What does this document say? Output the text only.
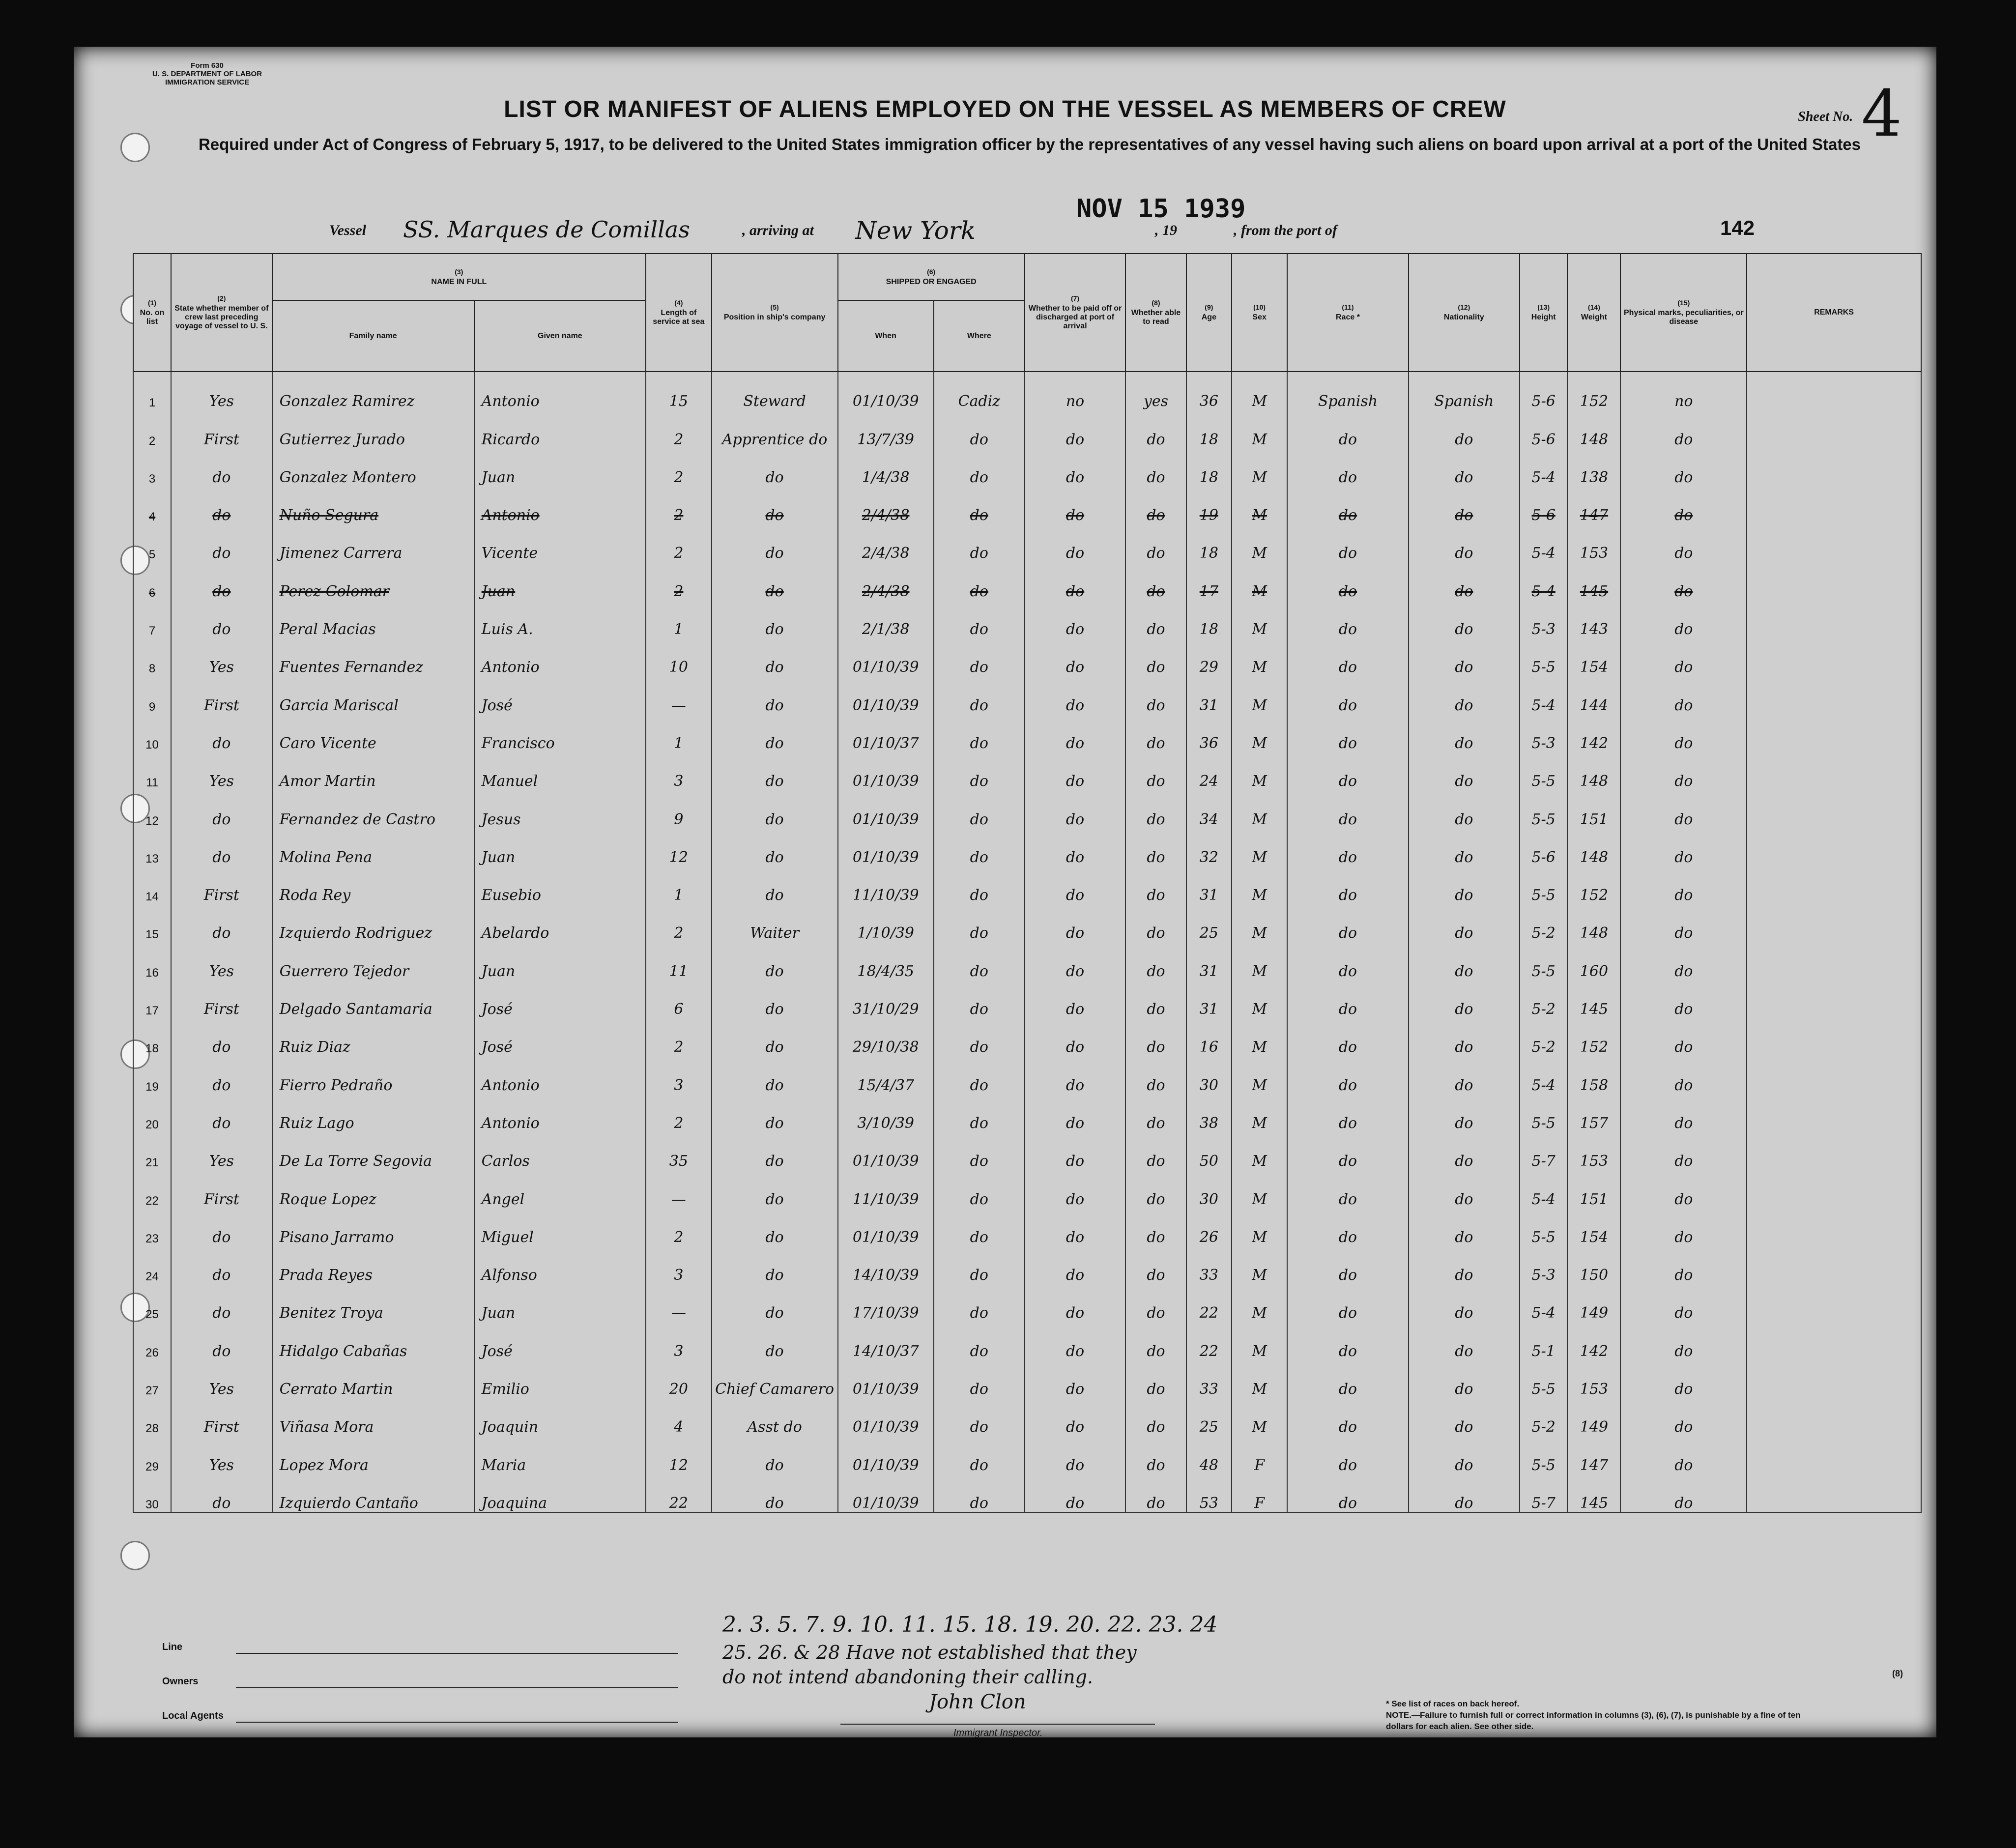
Form 630
U. S. DEPARTMENT OF LABOR
IMMIGRATION SERVICE
Sheet No. 4
LIST OR MANIFEST OF ALIENS EMPLOYED ON THE VESSEL AS MEMBERS OF CREW
Required under Act of Congress of February 5, 1917, to be delivered to the United States immigration officer by the representatives of any vessel having such aliens on board upon arrival at a port of the United States
Vessel SS. Marques de Comillas	, arriving at New York
NOV 15 1939
, 19	, from the port of	142
(1)
No. on list	(2)
State whether member of crew last preceding voyage of vessel to U. S.	(3)
NAME IN FULL		(4)
Length of service at sea	(5)
Position in ship's company	(6)
SHIPPED OR ENGAGED		(7)
Whether to be paid off or discharged at port of arrival	(8)
Whether able to read	(9)
Age	(10)
Sex	(11)
Race *	(12)
Nationality	(13)
Height	(14)
Weight	(15)
Physical marks, peculiarities, or disease	REMARKS
		Family name	Given name			When	Where										
1	Yes	Gonzalez Ramirez	Antonio	15	Steward	01/10/39	Cadiz	no	yes	36	M	Spanish	Spanish	5-6	152	no	
2	First	Gutierrez Jurado	Ricardo	2	Apprentice do	13/7/39	do	do	do	18	M	do	do	5-6	148	do	
3	do	Gonzalez Montero	Juan	2	do	1/4/38	do	do	do	18	M	do	do	5-4	138	do	
4	do	Nuño Segura	Antonio	2	do	2/4/38	do	do	do	19	M	do	do	5-6	147	do	
5	do	Jimenez Carrera	Vicente	2	do	2/4/38	do	do	do	18	M	do	do	5-4	153	do	
6	do	Perez Colomar	Juan	2	do	2/4/38	do	do	do	17	M	do	do	5-4	145	do	
7	do	Peral Macias	Luis A.	1	do	2/1/38	do	do	do	18	M	do	do	5-3	143	do	
8	Yes	Fuentes Fernandez	Antonio	10	do	01/10/39	do	do	do	29	M	do	do	5-5	154	do	
9	First	Garcia Mariscal	José	—	do	01/10/39	do	do	do	31	M	do	do	5-4	144	do	
10	do	Caro Vicente	Francisco	1	do	01/10/37	do	do	do	36	M	do	do	5-3	142	do	
11	Yes	Amor Martin	Manuel	3	do	01/10/39	do	do	do	24	M	do	do	5-5	148	do	
12	do	Fernandez de Castro	Jesus	9	do	01/10/39	do	do	do	34	M	do	do	5-5	151	do	
13	do	Molina Pena	Juan	12	do	01/10/39	do	do	do	32	M	do	do	5-6	148	do	
14	First	Roda Rey	Eusebio	1	do	11/10/39	do	do	do	31	M	do	do	5-5	152	do	
15	do	Izquierdo Rodriguez	Abelardo	2	Waiter	1/10/39	do	do	do	25	M	do	do	5-2	148	do	
16	Yes	Guerrero Tejedor	Juan	11	do	18/4/35	do	do	do	31	M	do	do	5-5	160	do	
17	First	Delgado Santamaria	José	6	do	31/10/29	do	do	do	31	M	do	do	5-2	145	do	
18	do	Ruiz Diaz	José	2	do	29/10/38	do	do	do	16	M	do	do	5-2	152	do	
19	do	Fierro Pedraño	Antonio	3	do	15/4/37	do	do	do	30	M	do	do	5-4	158	do	
20	do	Ruiz Lago	Antonio	2	do	3/10/39	do	do	do	38	M	do	do	5-5	157	do	
21	Yes	De La Torre Segovia	Carlos	35	do	01/10/39	do	do	do	50	M	do	do	5-7	153	do	
22	First	Roque Lopez	Angel	—	do	11/10/39	do	do	do	30	M	do	do	5-4	151	do	
23	do	Pisano Jarramo	Miguel	2	do	01/10/39	do	do	do	26	M	do	do	5-5	154	do	
24	do	Prada Reyes	Alfonso	3	do	14/10/39	do	do	do	33	M	do	do	5-3	150	do	
25	do	Benitez Troya	Juan	—	do	17/10/39	do	do	do	22	M	do	do	5-4	149	do	
26	do	Hidalgo Cabañas	José	3	do	14/10/37	do	do	do	22	M	do	do	5-1	142	do	
27	Yes	Cerrato Martin	Emilio	20	Chief Camarero	01/10/39	do	do	do	33	M	do	do	5-5	153	do	
28	First	Viñasa Mora	Joaquin	4	Asst do	01/10/39	do	do	do	25	M	do	do	5-2	149	do	
29	Yes	Lopez Mora	Maria	12	do	01/10/39	do	do	do	48	F	do	do	5-5	147	do	
30	do	Izquierdo Cantaño	Joaquina	22	do	01/10/39	do	do	do	53	F	do	do	5-7	145	do	
2. 3. 5. 7. 9. 10. 11. 15. 18. 19. 20. 22. 23. 24
25. 26. & 28 Have not established that they
do not intend abandoning their calling.
John Clon
Immigrant Inspector.
Line
Owners
Local Agents
* See list of races on back hereof.
NOTE.—Failure to furnish full or correct information in columns (3), (6), (7), is punishable by a fine of ten dollars for each alien. See other side.
(8)
